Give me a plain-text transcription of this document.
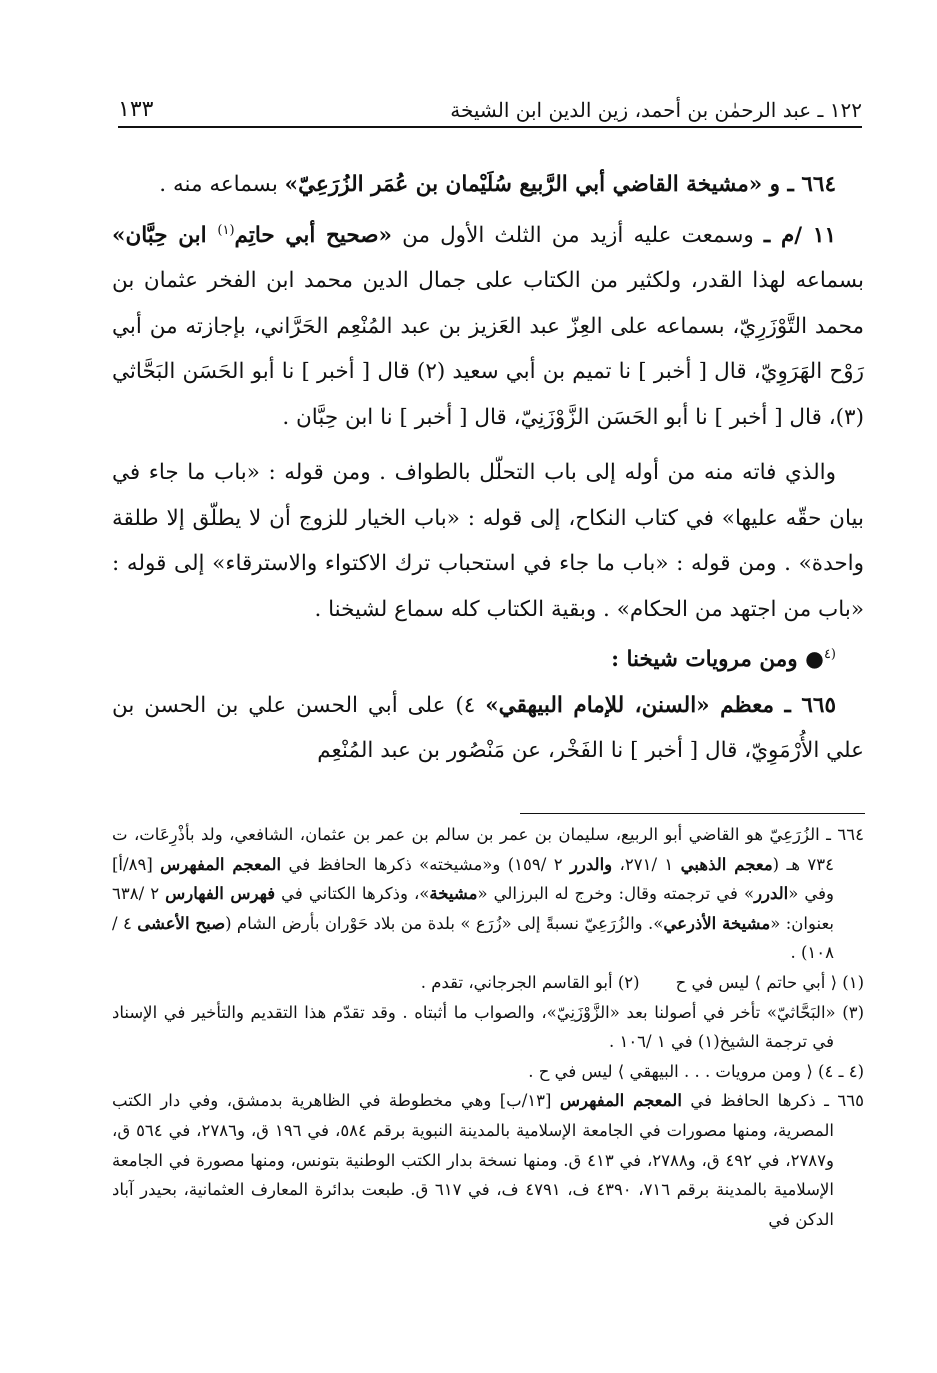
١٢٢ ـ عبد الرحمٰن بن أحمد، زين الدين ابن الشيخة
١٣٣

٦٦٤ ـ و «مشيخة القاضي أبي الرَّبيع سُلَيْمان بن عُمَر الزُرَعِيّ» بسماعه منه .

١١ /م ـ وسمعت عليه أزيد من الثلث الأول من «صحيح أبي حاتِم$^{(١)}$ ابن حِبَّان» بسماعه لهذا القدر، ولكثير من الكتاب على جمال الدين محمد ابن الفخر عثمان بن محمد التَّوْزَرِيّ، بسماعه على العِزّ عبد العَزيز بن عبد المُنْعِم الحَرَّاني، بإجازته من أبي رَوْح الهَرَوِيّ، قال [ أخبر ] نا تميم بن أبي سعيد (٢) قال [ أخبر ] نا أبو الحَسَن البَحَّاثي (٣)، قال [ أخبر ] نا أبو الحَسَن الزَّوْزَنِيّ، قال [ أخبر ] نا ابن حِبَّان .

والذي فاته منه من أوله إلى باب التحلّل بالطواف . ومن قوله : «باب ما جاء في بيان حقّه عليها» في كتاب النكاح، إلى قوله : «باب الخيار للزوج أن لا يطلّق إلا طلقة واحدة» . ومن قوله : «باب ما جاء في استحباب ترك الاكتواء والاسترقاء» إلى قوله : «باب من اجتهد من الحكام» . وبقية الكتاب كله سماع لشيخنا .

$^{(٤}$● ومن مرويات شيخنا :

٦٦٥ ـ معظم «السنن، للإمام البيهقي» ٤) على أبي الحسن علي بن الحسن بن علي الأُرْمَوِيّ، قال [ أخبر ] نا الفَخْر، عن مَنْصُور بن عبد المُنْعِم

٦٦٤ ـ الزُرَعِيّ هو القاضي أبو الربيع، سليمان بن عمر بن سالم بن عمر بن عثمان، الشافعي، ولد بأذْرِعَات، ت ٧٣٤ هـ (معجم الذهبي ١ /٢٧١، والدرر ٢ /١٥٩) و«مشيخته» ذكرها الحافظ في المعجم المفهرس [٨٩/أ] وفي «الدرر» في ترجمته وقال: وخرج له البرزالي «مشيخة»، وذكرها الكتاني في فهرس الفهارس ٢ /٦٣٨ بعنوان: «مشيخة الأذرعي». والزُرَعِيّ نسبةً إلى «زُرَع » بلدة من بلاد حَوْران بأرض الشام (صبح الأعشى ٤ /١٠٨) .

(١) ⟨ أبي حاتم ⟩ ليس في ح(٢) أبو القاسم الجرجاني، تقدم .

(٣) «البَحَّاثيّ» تأخر في أصولنا بعد «الزَّوْزَنِيّ»، والصواب ما أثبتاه . وقد تقدّم هذا التقديم والتأخير في الإسناد في ترجمة الشيخ(١) في ١ /١٠٦ .

(٤ ـ ٤) ⟨ ومن مرويات . . . البيهقي ⟩ ليس في ح .

٦٦٥ ـ ذكرها الحافظ في المعجم المفهرس [١٣/ب] وهي مخطوطة في الظاهرية بدمشق، وفي دار الكتب المصرية، ومنها مصورات في الجامعة الإسلامية بالمدينة النبوية برقم ٥٨٤، في ١٩٦ ق، و٢٧٨٦، في ٥٦٤ ق، و٢٧٨٧، في ٤٩٢ ق، و٢٧٨٨، في ٤١٣ ق. ومنها نسخة بدار الكتب الوطنية بتونس، ومنها مصورة في الجامعة الإسلامية بالمدينة برقم ٧١٦، ٤٣٩٠ ف، ٤٧٩١ ف، في ٦١٧ ق. طبعت بدائرة المعارف العثمانية، بحيدر آباد الدكن في
